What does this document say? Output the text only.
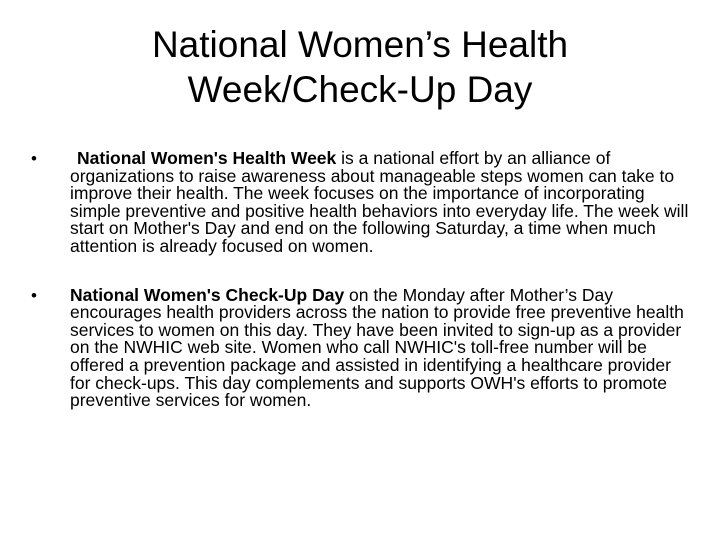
National Women’s Health
Week/Check-Up Day
•	National Women's Health Week is a national effort by an alliance of organizations to raise awareness about manageable steps women can take to improve their health. The week focuses on the importance of incorporating simple preventive and positive health behaviors into everyday life. The week will start on Mother's Day and end on the following Saturday, a time when much attention is already focused on women.
• National Women's Check-Up Day on the Monday after Mother’s Day encourages health providers across the nation to provide free preventive health services to women on this day. They have been invited to sign-up as a provider on the NWHIC web site. Women who call NWHIC's toll-free number will be offered a prevention package and assisted in identifying a healthcare provider for check-ups. This day complements and supports OWH's efforts to promote preventive services for women.
